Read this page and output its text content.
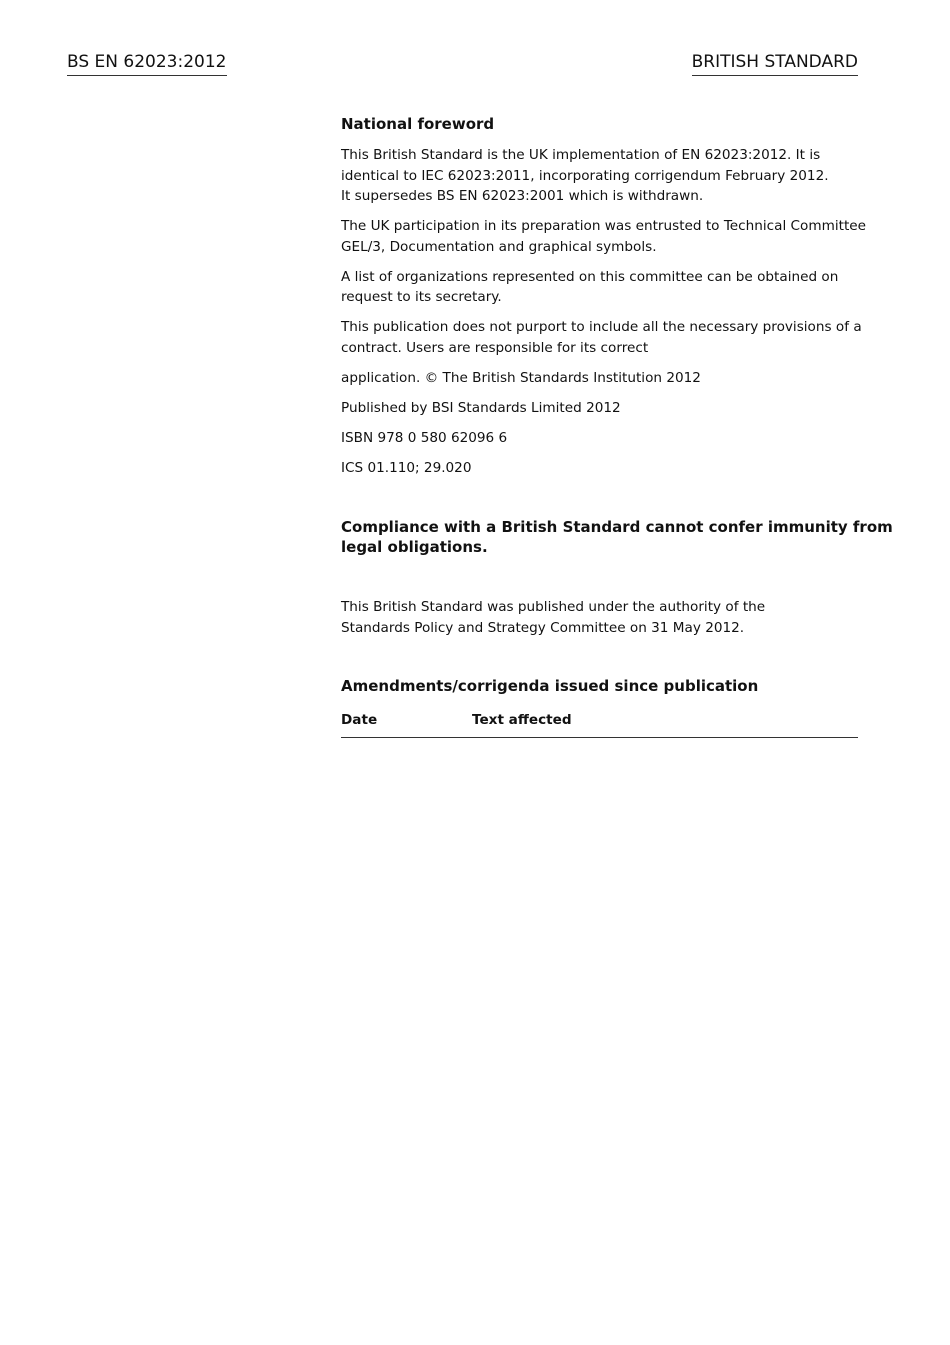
BS EN 62023:2012	BRITISH STANDARD
National foreword
This British Standard is the UK implementation of EN 62023:2012. It is
identical to IEC 62023:2011, incorporating corrigendum February 2012.
It supersedes BS EN 62023:2001 which is withdrawn.
The UK participation in its preparation was entrusted to Technical Committee
GEL/3, Documentation and graphical symbols.
A list of organizations represented on this committee can be obtained on
request to its secretary.
This publication does not purport to include all the necessary provisions of a
contract. Users are responsible for its correct
application. © The British Standards Institution 2012
Published by BSI Standards Limited 2012
ISBN 978 0 580 62096 6
ICS 01.110; 29.020
Compliance with a British Standard cannot confer immunity from
legal obligations.
This British Standard was published under the authority of the
Standards Policy and Strategy Committee on 31 May 2012.
Amendments/corrigenda issued since publication
Date	Text affected
